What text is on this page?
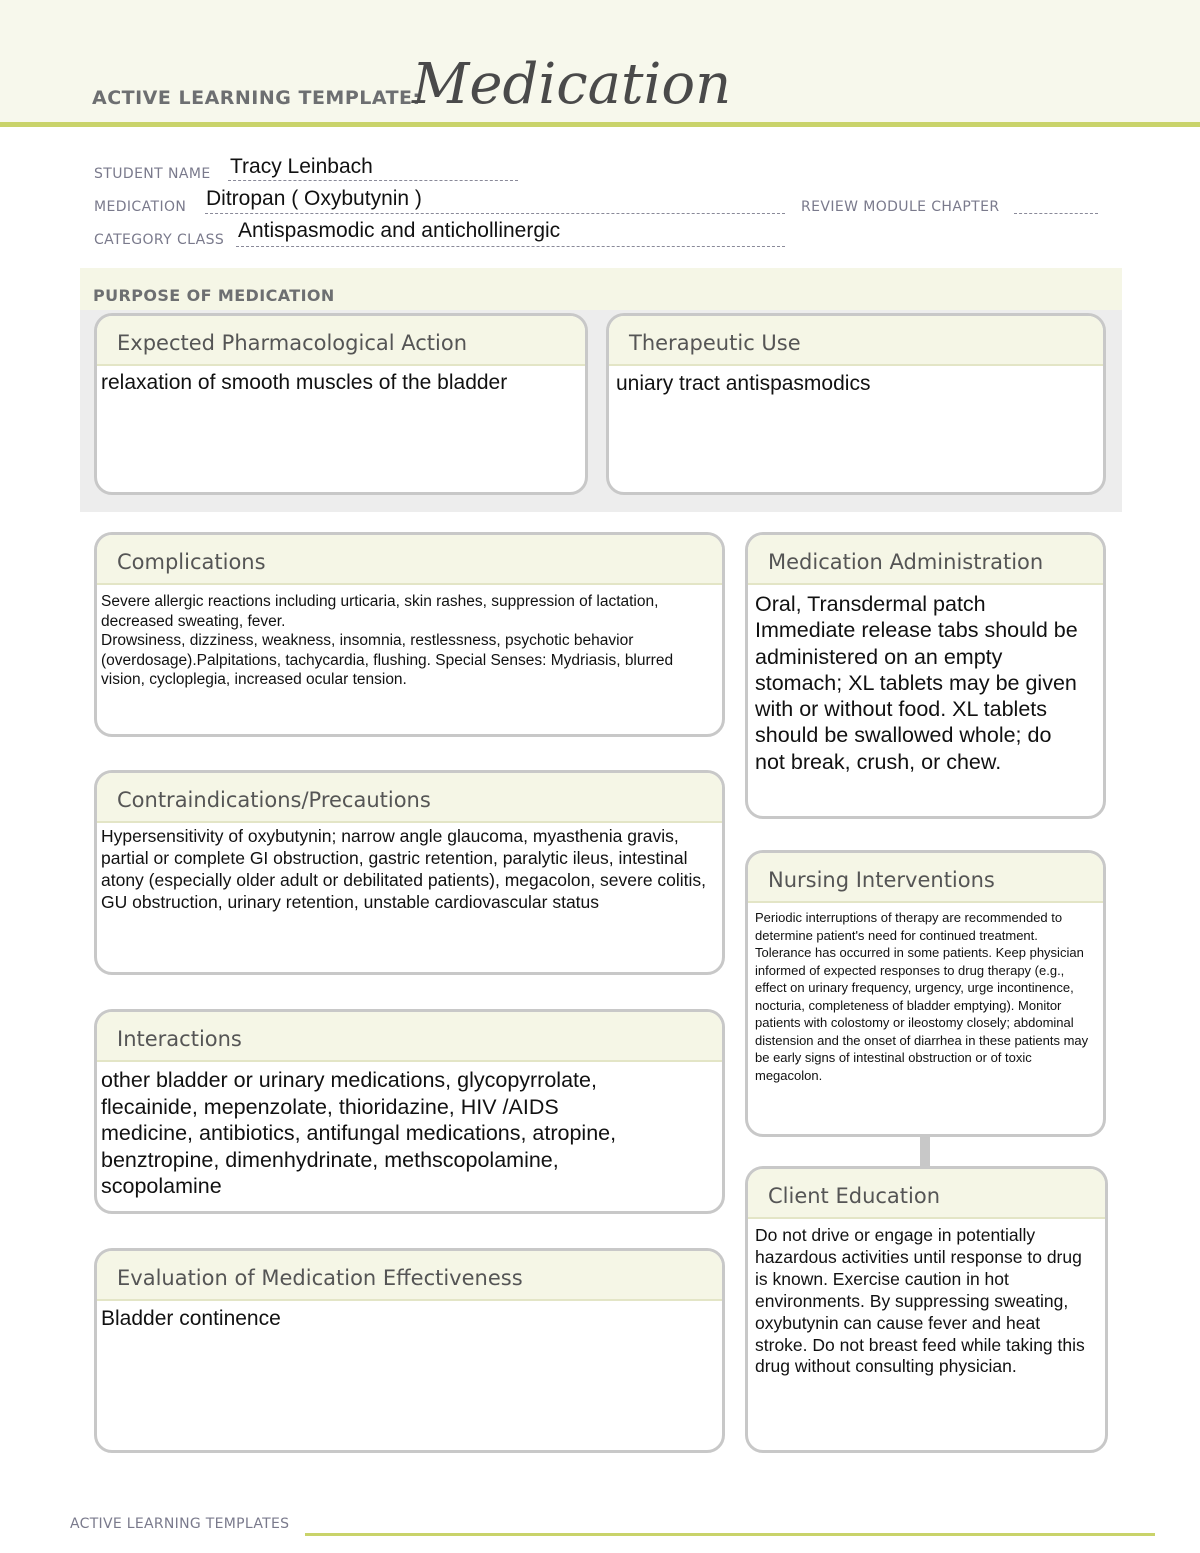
ACTIVE LEARNING TEMPLATE:
Medication
STUDENT NAME Tracy Leinbach
MEDICATION Ditropan ( Oxybutynin )	REVIEW MODULE CHAPTER
CATEGORY CLASS Antispasmodic and antichollinergic
PURPOSE OF MEDICATION
Expected Pharmacological Action
relaxation of smooth muscles of the bladder
Therapeutic Use
uniary tract antispasmodics
Complications
Severe allergic reactions including urticaria, skin rashes, suppression of lactation, decreased sweating, fever.
Drowsiness, dizziness, weakness, insomnia, restlessness, psychotic behavior (overdosage).Palpitations, tachycardia, flushing. Special Senses: Mydriasis, blurred vision, cycloplegia, increased ocular tension.
Contraindications/Precautions
Hypersensitivity of oxybutynin; narrow angle glaucoma, myasthenia gravis, partial or complete GI obstruction, gastric retention, paralytic ileus, intestinal atony (especially older adult or debilitated patients), megacolon, severe colitis, GU obstruction, urinary retention, unstable cardiovascular status
Interactions
other bladder or urinary medications, glycopyrrolate, flecainide, mepenzolate, thioridazine, HIV /AIDS medicine, antibiotics, antifungal medications, atropine, benztropine, dimenhydrinate, methscopolamine, scopolamine
Evaluation of Medication Effectiveness
Bladder continence
Medication Administration
Oral, Transdermal patch
Immediate release tabs should be administered on an empty stomach; XL tablets may be given with or without food. XL tablets should be swallowed whole; do not break, crush, or chew.
Nursing Interventions
Periodic interruptions of therapy are recommended to determine patient's need for continued treatment. Tolerance has occurred in some patients. Keep physician informed of expected responses to drug therapy (e.g., effect on urinary frequency, urgency, urge incontinence, nocturia, completeness of bladder emptying). Monitor patients with colostomy or ileostomy closely; abdominal distension and the onset of diarrhea in these patients may be early signs of intestinal obstruction or of toxic megacolon.
Client Education
Do not drive or engage in potentially hazardous activities until response to drug is known. Exercise caution in hot environments. By suppressing sweating, oxybutynin can cause fever and heat stroke. Do not breast feed while taking this drug without consulting physician.
ACTIVE LEARNING TEMPLATES
